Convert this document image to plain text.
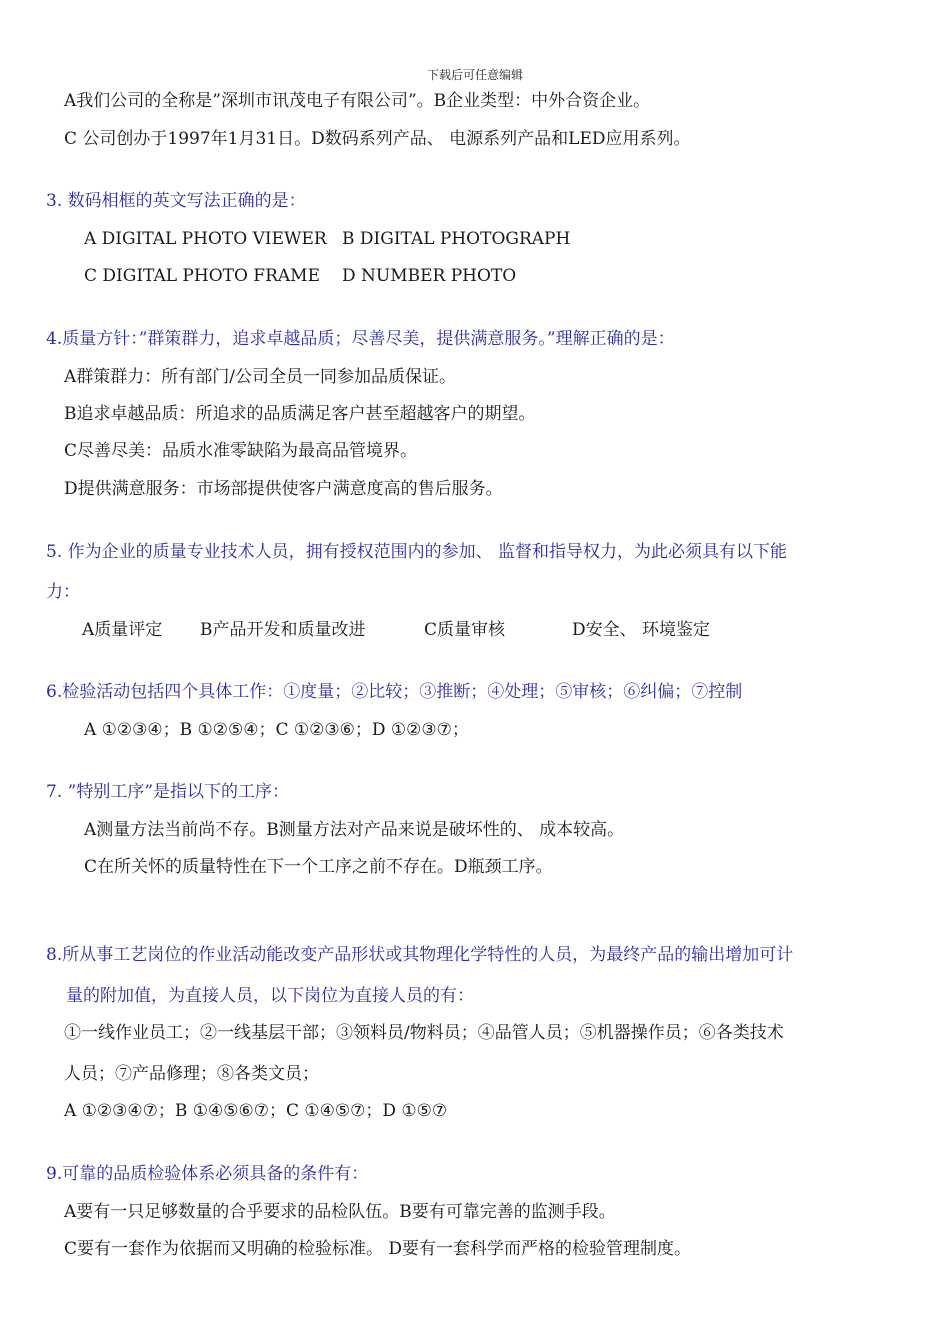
下载后可任意编辑
A我们公司的全称是”深圳市讯茂电子有限公司”。B企业类型：中外合资企业。
C 公司创办于1997年1月31日。D数码系列产品、 电源系列产品和LED应用系列。
3. 数码相框的英文写法正确的是：
A DIGITAL PHOTO VIEWER B DIGITAL PHOTOGRAPH
C DIGITAL PHOTO FRAME D NUMBER PHOTO
4.质量方针：”群策群力，追求卓越品质；尽善尽美，提供满意服务。”理解正确的是：
A群策群力：所有部门/公司全员一同参加品质保证。
B追求卓越品质：所追求的品质满足客户甚至超越客户的期望。
C尽善尽美：品质水准零缺陷为最高品管境界。
D提供满意服务：市场部提供使客户满意度高的售后服务。
5. 作为企业的质量专业技术人员，拥有授权范围内的参加、 监督和指导权力，为此必须具有以下能
力：
A质量评定 B产品开发和质量改进	C质量审核	D安全、 环境鉴定
6.检验活动包括四个具体工作：①度量；②比较；③推断；④处理；⑤审核；⑥纠偏；⑦控制
A ①②③④；B ①②⑤④；C ①②③⑥；D ①②③⑦；
7. ”特别工序”是指以下的工序：
A测量方法当前尚不存。B测量方法对产品来说是破坏性的、 成本较高。
C在所关怀的质量特性在下一个工序之前不存在。D瓶颈工序。
8.所从事工艺岗位的作业活动能改变产品形状或其物理化学特性的人员，为最终产品的输出增加可计
量的附加值，为直接人员，以下岗位为直接人员的有：
①一线作业员工；②一线基层干部；③领料员/物料员；④品管人员；⑤机器操作员；⑥各类技术
人员；⑦产品修理；⑧各类文员；
A ①②③④⑦；B ①④⑤⑥⑦；C ①④⑤⑦；D ①⑤⑦
9.可靠的品质检验体系必须具备的条件有：
A要有一只足够数量的合乎要求的品检队伍。B要有可靠完善的监测手段。
C要有一套作为依据而又明确的检验标准。 D要有一套科学而严格的检验管理制度。
